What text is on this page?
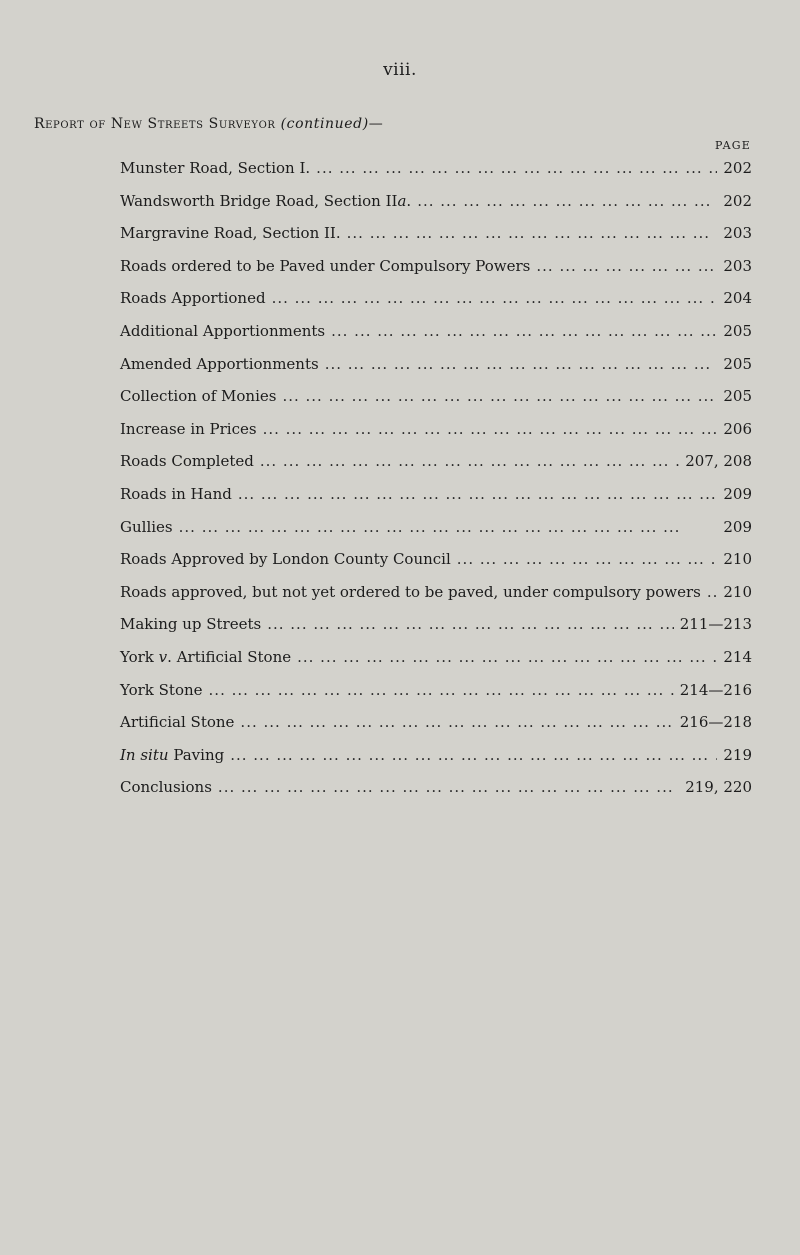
viii.
Report of New Streets Surveyor (continued)—
PAGE
Munster Road, Section I. ...	202
Wandsworth Bridge Road, Section IIa. ...	202
Margravine Road, Section II. ...	203
Roads ordered to be Paved under Compulsory Powers ...	203
Roads Apportioned ...	204
Additional Apportionments ...	205
Amended Apportionments ...	205
Collection of Monies ...	205
Increase in Prices ...	206
Roads Completed ...	207, 208
Roads in Hand ...	209
Gullies ...	209
Roads Approved by London County Council ...	210
Roads approved, but not yet ordered to be paved, under compulsory powers ... 210
Making up Streets ...	211—213
York v. Artificial Stone ...	214
York Stone ...	214—216
Artificial Stone ...	216—218
In situ Paving ...	219
Conclusions ...	219, 220
